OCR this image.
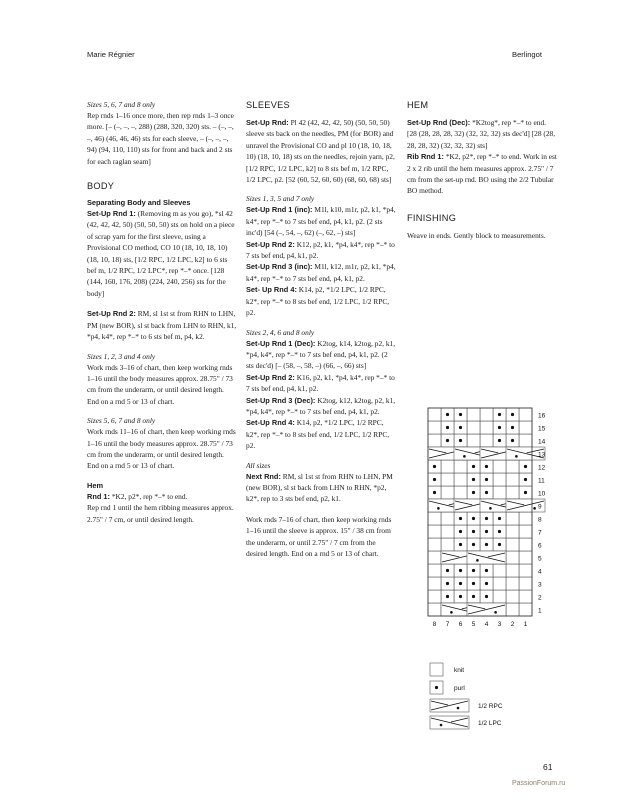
Marie Régnier	Berlingot
Sizes 5, 6, 7 and 8 only

Rep rnds 1–16 once more, then rep rnds 1–3 once more. [– (–, –, –, 288) (288, 320, 320) sts. – (–, –, –, 46) (46, 46, 46) sts for each sleeve, – (–, –, –, 94) (94, 110, 110) sts for front and back and 2 sts for each raglan seam]

BODY
Separating Body and Sleeves

Set-Up Rnd 1: (Removing m as you go), *sl 42 (42, 42, 42, 50) (50, 50, 50) sts on hold on a piece of scrap yarn for the first sleeve, using a Provisional CO method, CO 10 (18, 10, 18, 10) (18, 10, 18) sts, [1/2 RPC, 1/2 LPC, k2] to 6 sts bef m, 1/2 RPC, 1/2 LPC*, rep *–* once. [128 (144, 160, 176, 208) (224, 240, 256) sts for the body]

Set-Up Rnd 2: RM, sl 1st st from RHN to LHN, PM (new BOR), sl st back from LHN to RHN, k1, *p4, k4*, rep *–* to 6 sts bef m, p4, k2.

Sizes 1, 2, 3 and 4 only

Work rnds 3–16 of chart, then keep working rnds 1–16 until the body measures approx. 28.75" / 73 cm from the underarm, or until desired length. End on a rnd 5 or 13 of chart.

Sizes 5, 6, 7 and 8 only

Work rnds 11–16 of chart, then keep working rnds 1–16 until the body measures approx. 28.75" / 73 cm from the underarm, or until desired length. End on a rnd 5 or 13 of chart.

Hem

Rnd 1: *K2, p2*, rep *–* to end.

Rep rnd 1 until the hem ribbing measures approx. 2.75" / 7 cm, or until desired length.

SLEEVES

Set-Up Rnd: Pl 42 (42, 42, 42, 50) (50, 50, 50) sleeve sts back on the needles, PM (for BOR) and unravel the Provisional CO and pl 10 (18, 10, 18, 10) (18, 10, 18) sts on the needles, rejoin yarn, p2, [1/2 RPC, 1/2 LPC, k2] to 8 sts bef m, 1/2 RPC, 1/2 LPC, p2. [52 (60, 52, 60, 60) (68, 60, 68) sts]

Sizes 1, 3, 5 and 7 only

Set-Up Rnd 1 (inc): M1l, k10, m1r, p2, k1, *p4, k4*, rep *–* to 7 sts bef end, p4, k1, p2. (2 sts inc'd) [54 (–, 54, –, 62) (–, 62, –) sts]

Set-Up Rnd 2: K12, p2, k1, *p4, k4*, rep *–* to 7 sts bef end, p4, k1, p2.

Set-Up Rnd 3 (inc): M1l, k12, m1r, p2, k1, *p4, k4*, rep *–* to 7 sts bef end, p4, k1, p2.

Set- Up Rnd 4: K14, p2, *1/2 LPC, 1/2 RPC, k2*, rep *–* to 8 sts bef end, 1/2 LPC, 1/2 RPC, p2.

Sizes 2, 4, 6 and 8 only

Set-Up Rnd 1 (Dec): K2tog, k14, k2tog, p2, k1, *p4, k4*, rep *–* to 7 sts bef end, p4, k1, p2. (2 sts dec'd) [– (58, –, 58, –) (66, –, 66) sts]

Set-Up Rnd 2: K16, p2, k1, *p4, k4*, rep *–* to 7 sts bef end, p4, k1, p2.

Set-Up Rnd 3 (Dec): K2tog, k12, k2tog, p2, k1, *p4, k4*, rep *–* to 7 sts bef end, p4, k1, p2.

Set-Up Rnd 4: K14, p2, *1/2 LPC, 1/2 RPC, k2*, rep *–* to 8 sts bef end, 1/2 LPC, 1/2 RPC, p2.

All sizes

Next Rnd: RM, sl 1st st from RHN to LHN, PM (new BOR), sl st back from LHN to RHN, *p2, k2*, rep to 3 sts bef end, p2, k1.

Work rnds 7–16 of chart, then keep working rnds 1–16 until the sleeve is approx. 15" / 38 cm from the underarm, or until 2.75" / 7 cm from the desired length. End on a rnd 5 or 13 of chart.

HEM

Set-Up Rnd (Dec): *K2tog*, rep *–* to end. [28 (28, 28, 28, 32) (32, 32, 32) sts dec'd] [28 (28, 28, 28, 32) (32, 32, 32) sts]

Rib Rnd 1: *K2, p2*, rep *–* to end. Work in est 2 x 2 rib until the hem measures approx. 2.75" / 7 cm from the set-up rnd. BO using the 2/2 Tubular BO method.

FINISHING

Weave in ends. Gently block to measurements.

16
15
14
13
12
11
10
9
8
7
6
5
4
3
2
1
8 7 6 5 4 3 2 1
knit
purl
1/2 RPC
1/2 LPC
61
PassionForum.ru
